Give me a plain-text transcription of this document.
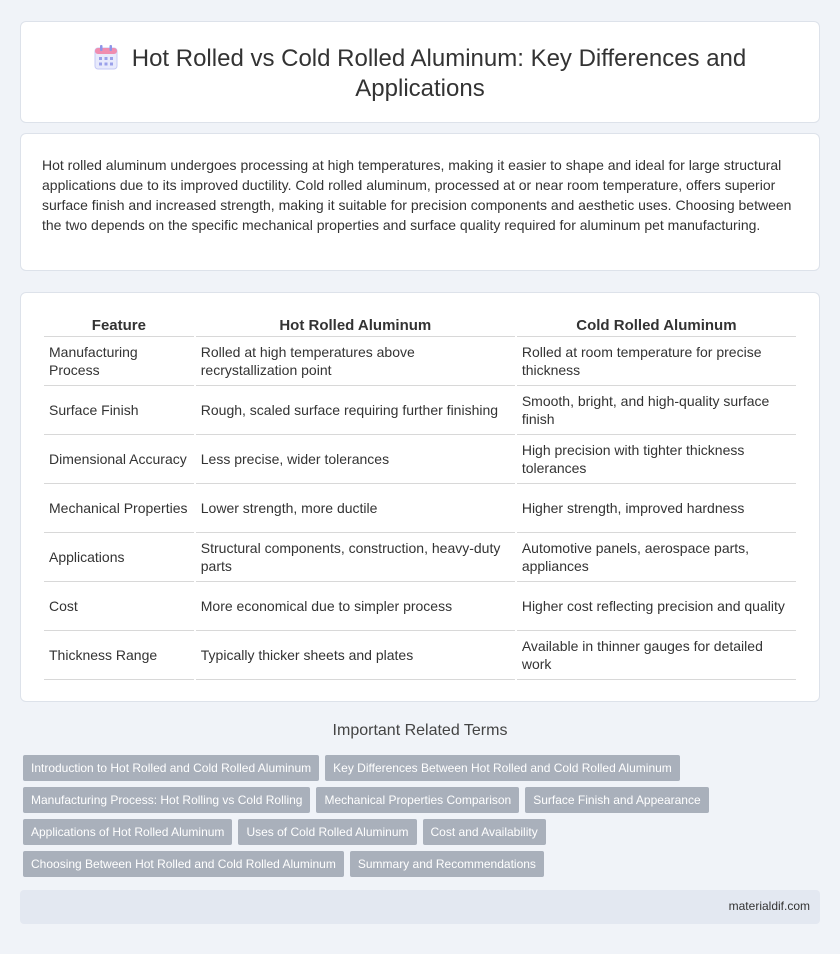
Hot Rolled vs Cold Rolled Aluminum: Key Differences and Applications

Hot rolled aluminum undergoes processing at high temperatures, making it easier to shape and ideal for large structural applications due to its improved ductility. Cold rolled aluminum, processed at or near room temperature, offers superior surface finish and increased strength, making it suitable for precision components and aesthetic uses. Choosing between the two depends on the specific mechanical properties and surface quality required for aluminum pet manufacturing.

Feature	Hot Rolled Aluminum	Cold Rolled Aluminum
Manufacturing Process	Rolled at high temperatures above recrystallization point	Rolled at room temperature for precise thickness
Surface Finish	Rough, scaled surface requiring further finishing	Smooth, bright, and high-quality surface finish
Dimensional Accuracy	Less precise, wider tolerances	High precision with tighter thickness tolerances
Mechanical Properties	Lower strength, more ductile	Higher strength, improved hardness
Applications	Structural components, construction, heavy-duty parts	Automotive panels, aerospace parts, appliances
Cost	More economical due to simpler process	Higher cost reflecting precision and quality
Thickness Range	Typically thicker sheets and plates	Available in thinner gauges for detailed work
Important Related Terms
Introduction to Hot Rolled and Cold Rolled Aluminum	Key Differences Between Hot Rolled and Cold Rolled Aluminum
Manufacturing Process: Hot Rolling vs Cold Rolling	Mechanical Properties Comparison	Surface Finish and Appearance
Applications of Hot Rolled Aluminum	Uses of Cold Rolled Aluminum	Cost and Availability
Choosing Between Hot Rolled and Cold Rolled Aluminum	Summary and Recommendations
materialdif.com
